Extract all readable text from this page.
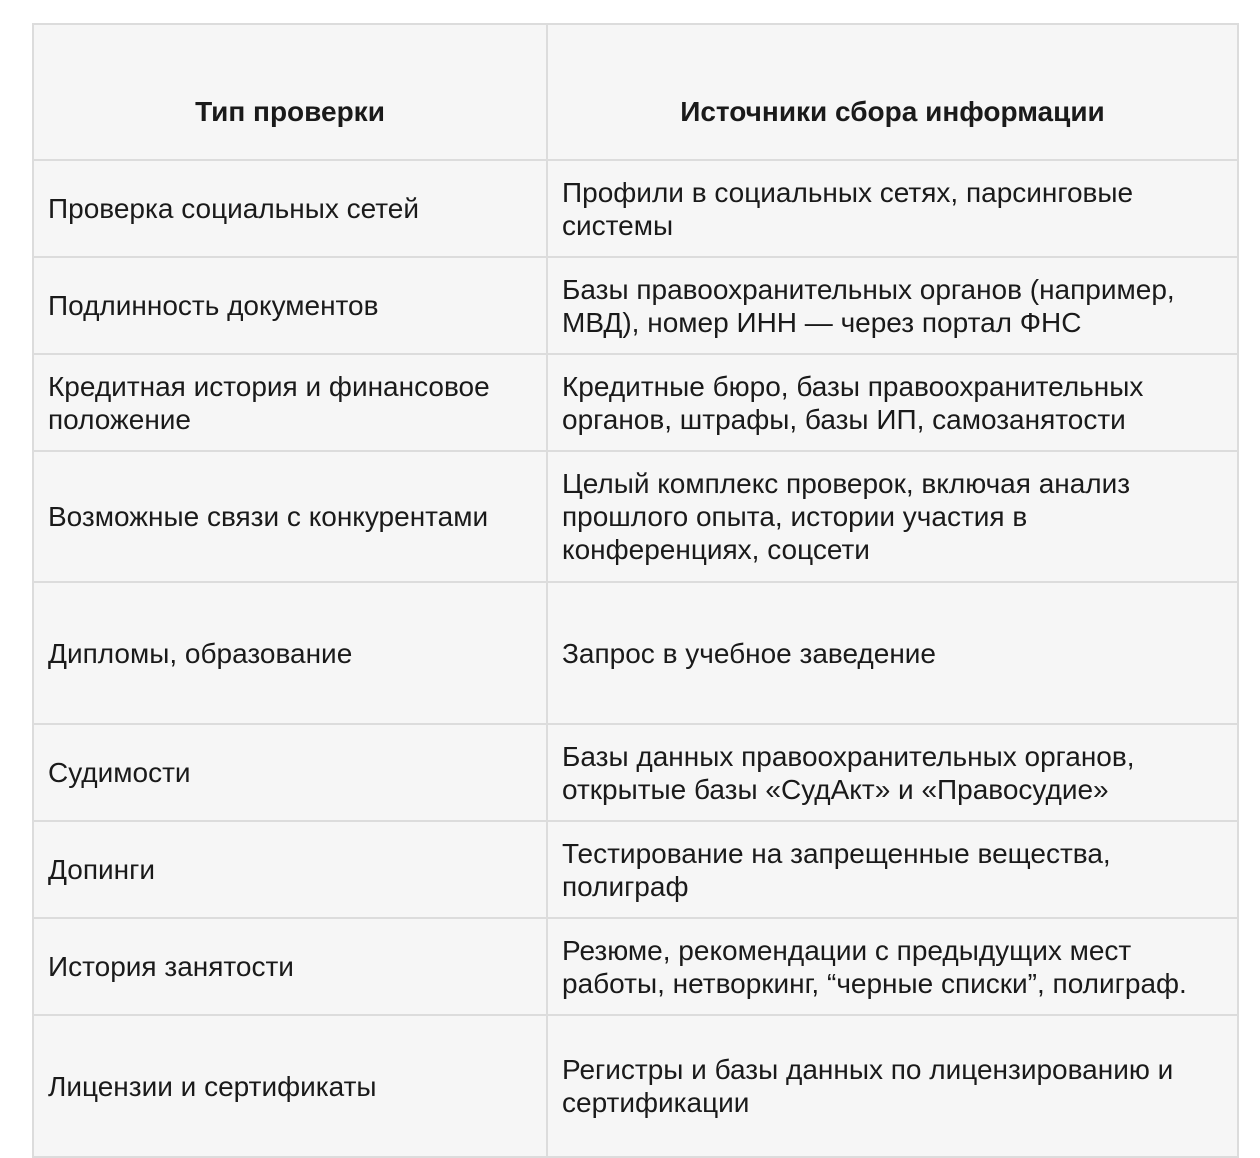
Тип проверки	Источники сбора информации
Проверка социальных сетей	Профили в социальных сетях, парсинговые системы
Подлинность документов	Базы правоохранительных органов (например, МВД), номер ИНН — через портал ФНС
Кредитная история и финансовое положение	Кредитные бюро, базы правоохранительных органов, штрафы, базы ИП, самозанятости
Возможные связи с конкурентами	Целый комплекс проверок, включая анализ прошлого опыта, истории участия в конференциях, соцсети
Дипломы, образование	Запрос в учебное заведение
Судимости	Базы данных правоохранительных органов, открытые базы «СудАкт» и «Правосудие»
Допинги	Тестирование на запрещенные вещества, полиграф
История занятости	Резюме, рекомендации с предыдущих мест работы, нетворкинг, “черные списки”, полиграф.
Лицензии и сертификаты	Регистры и базы данных по лицензированию и сертификации
